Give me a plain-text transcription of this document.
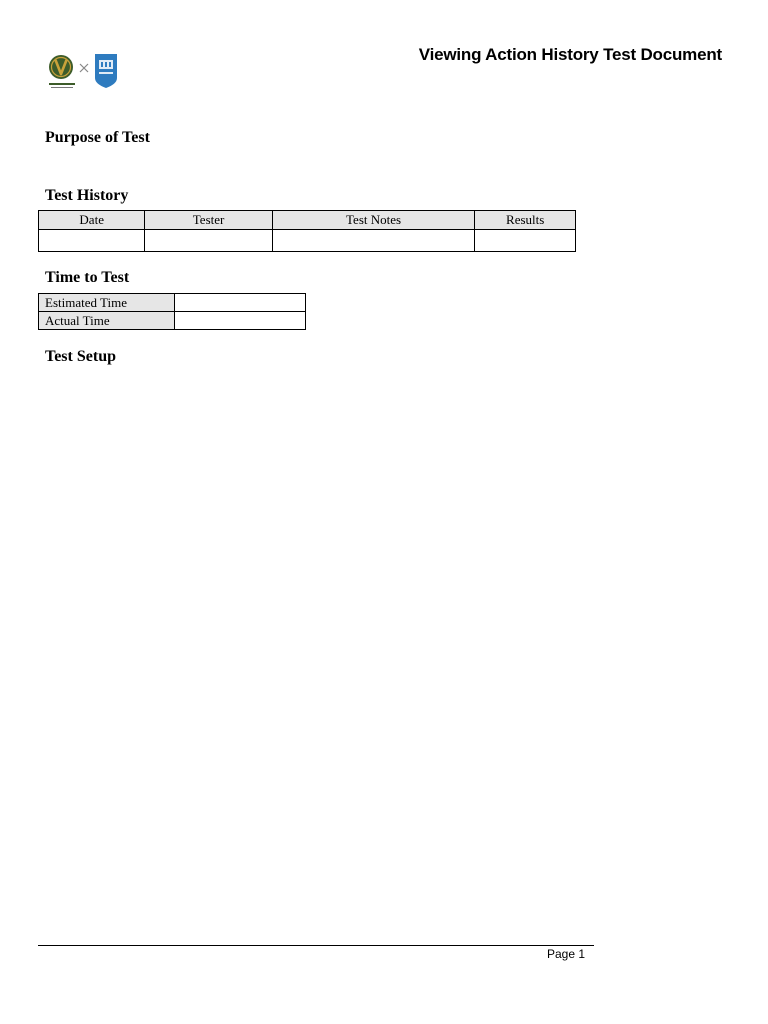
Viewing Action History Test Document
Purpose of Test
Test History
Date	Tester	Test Notes	Results

Time to Test
Estimated Time	
Actual Time	
Test Setup
Page 1
